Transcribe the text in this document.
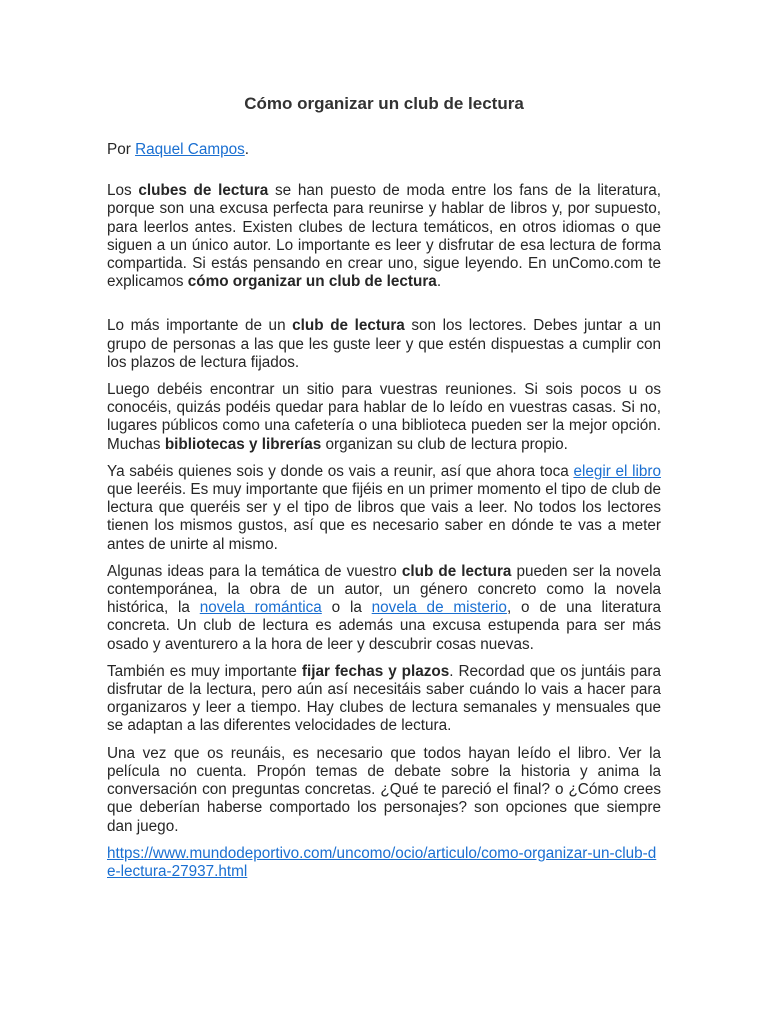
Cómo organizar un club de lectura

Por Raquel Campos.

Los clubes de lectura se han puesto de moda entre los fans de la literatura, porque son una excusa perfecta para reunirse y hablar de libros y, por supuesto, para leerlos antes. Existen clubes de lectura temáticos, en otros idiomas o que siguen a un único autor. Lo importante es leer y disfrutar de esa lectura de forma compartida. Si estás pensando en crear uno, sigue leyendo. En unComo.com te explicamos cómo organizar un club de lectura.

Lo más importante de un club de lectura son los lectores. Debes juntar a un grupo de personas a las que les guste leer y que estén dispuestas a cumplir con los plazos de lectura fijados.

Luego debéis encontrar un sitio para vuestras reuniones. Si sois pocos u os conocéis, quizás podéis quedar para hablar de lo leído en vuestras casas. Si no, lugares públicos como una cafetería o una biblioteca pueden ser la mejor opción. Muchas bibliotecas y librerías organizan su club de lectura propio.

Ya sabéis quienes sois y donde os vais a reunir, así que ahora toca elegir el libro que leeréis. Es muy importante que fijéis en un primer momento el tipo de club de lectura que queréis ser y el tipo de libros que vais a leer. No todos los lectores tienen los mismos gustos, así que es necesario saber en dónde te vas a meter antes de unirte al mismo.

Algunas ideas para la temática de vuestro club de lectura pueden ser la novela contemporánea, la obra de un autor, un género concreto como la novela histórica, la novela romántica o la novela de misterio, o de una literatura concreta. Un club de lectura es además una excusa estupenda para ser más osado y aventurero a la hora de leer y descubrir cosas nuevas.

También es muy importante fijar fechas y plazos. Recordad que os juntáis para disfrutar de la lectura, pero aún así necesitáis saber cuándo lo vais a hacer para organizaros y leer a tiempo. Hay clubes de lectura semanales y mensuales que se adaptan a las diferentes velocidades de lectura.

Una vez que os reunáis, es necesario que todos hayan leído el libro. Ver la película no cuenta. Propón temas de debate sobre la historia y anima la conversación con preguntas concretas. ¿Qué te pareció el final? o ¿Cómo crees que deberían haberse comportado los personajes? son opciones que siempre dan juego.

https://www.mundodeportivo.com/uncomo/ocio/articulo/como-organizar-un-club-de-lectura-27937.html
